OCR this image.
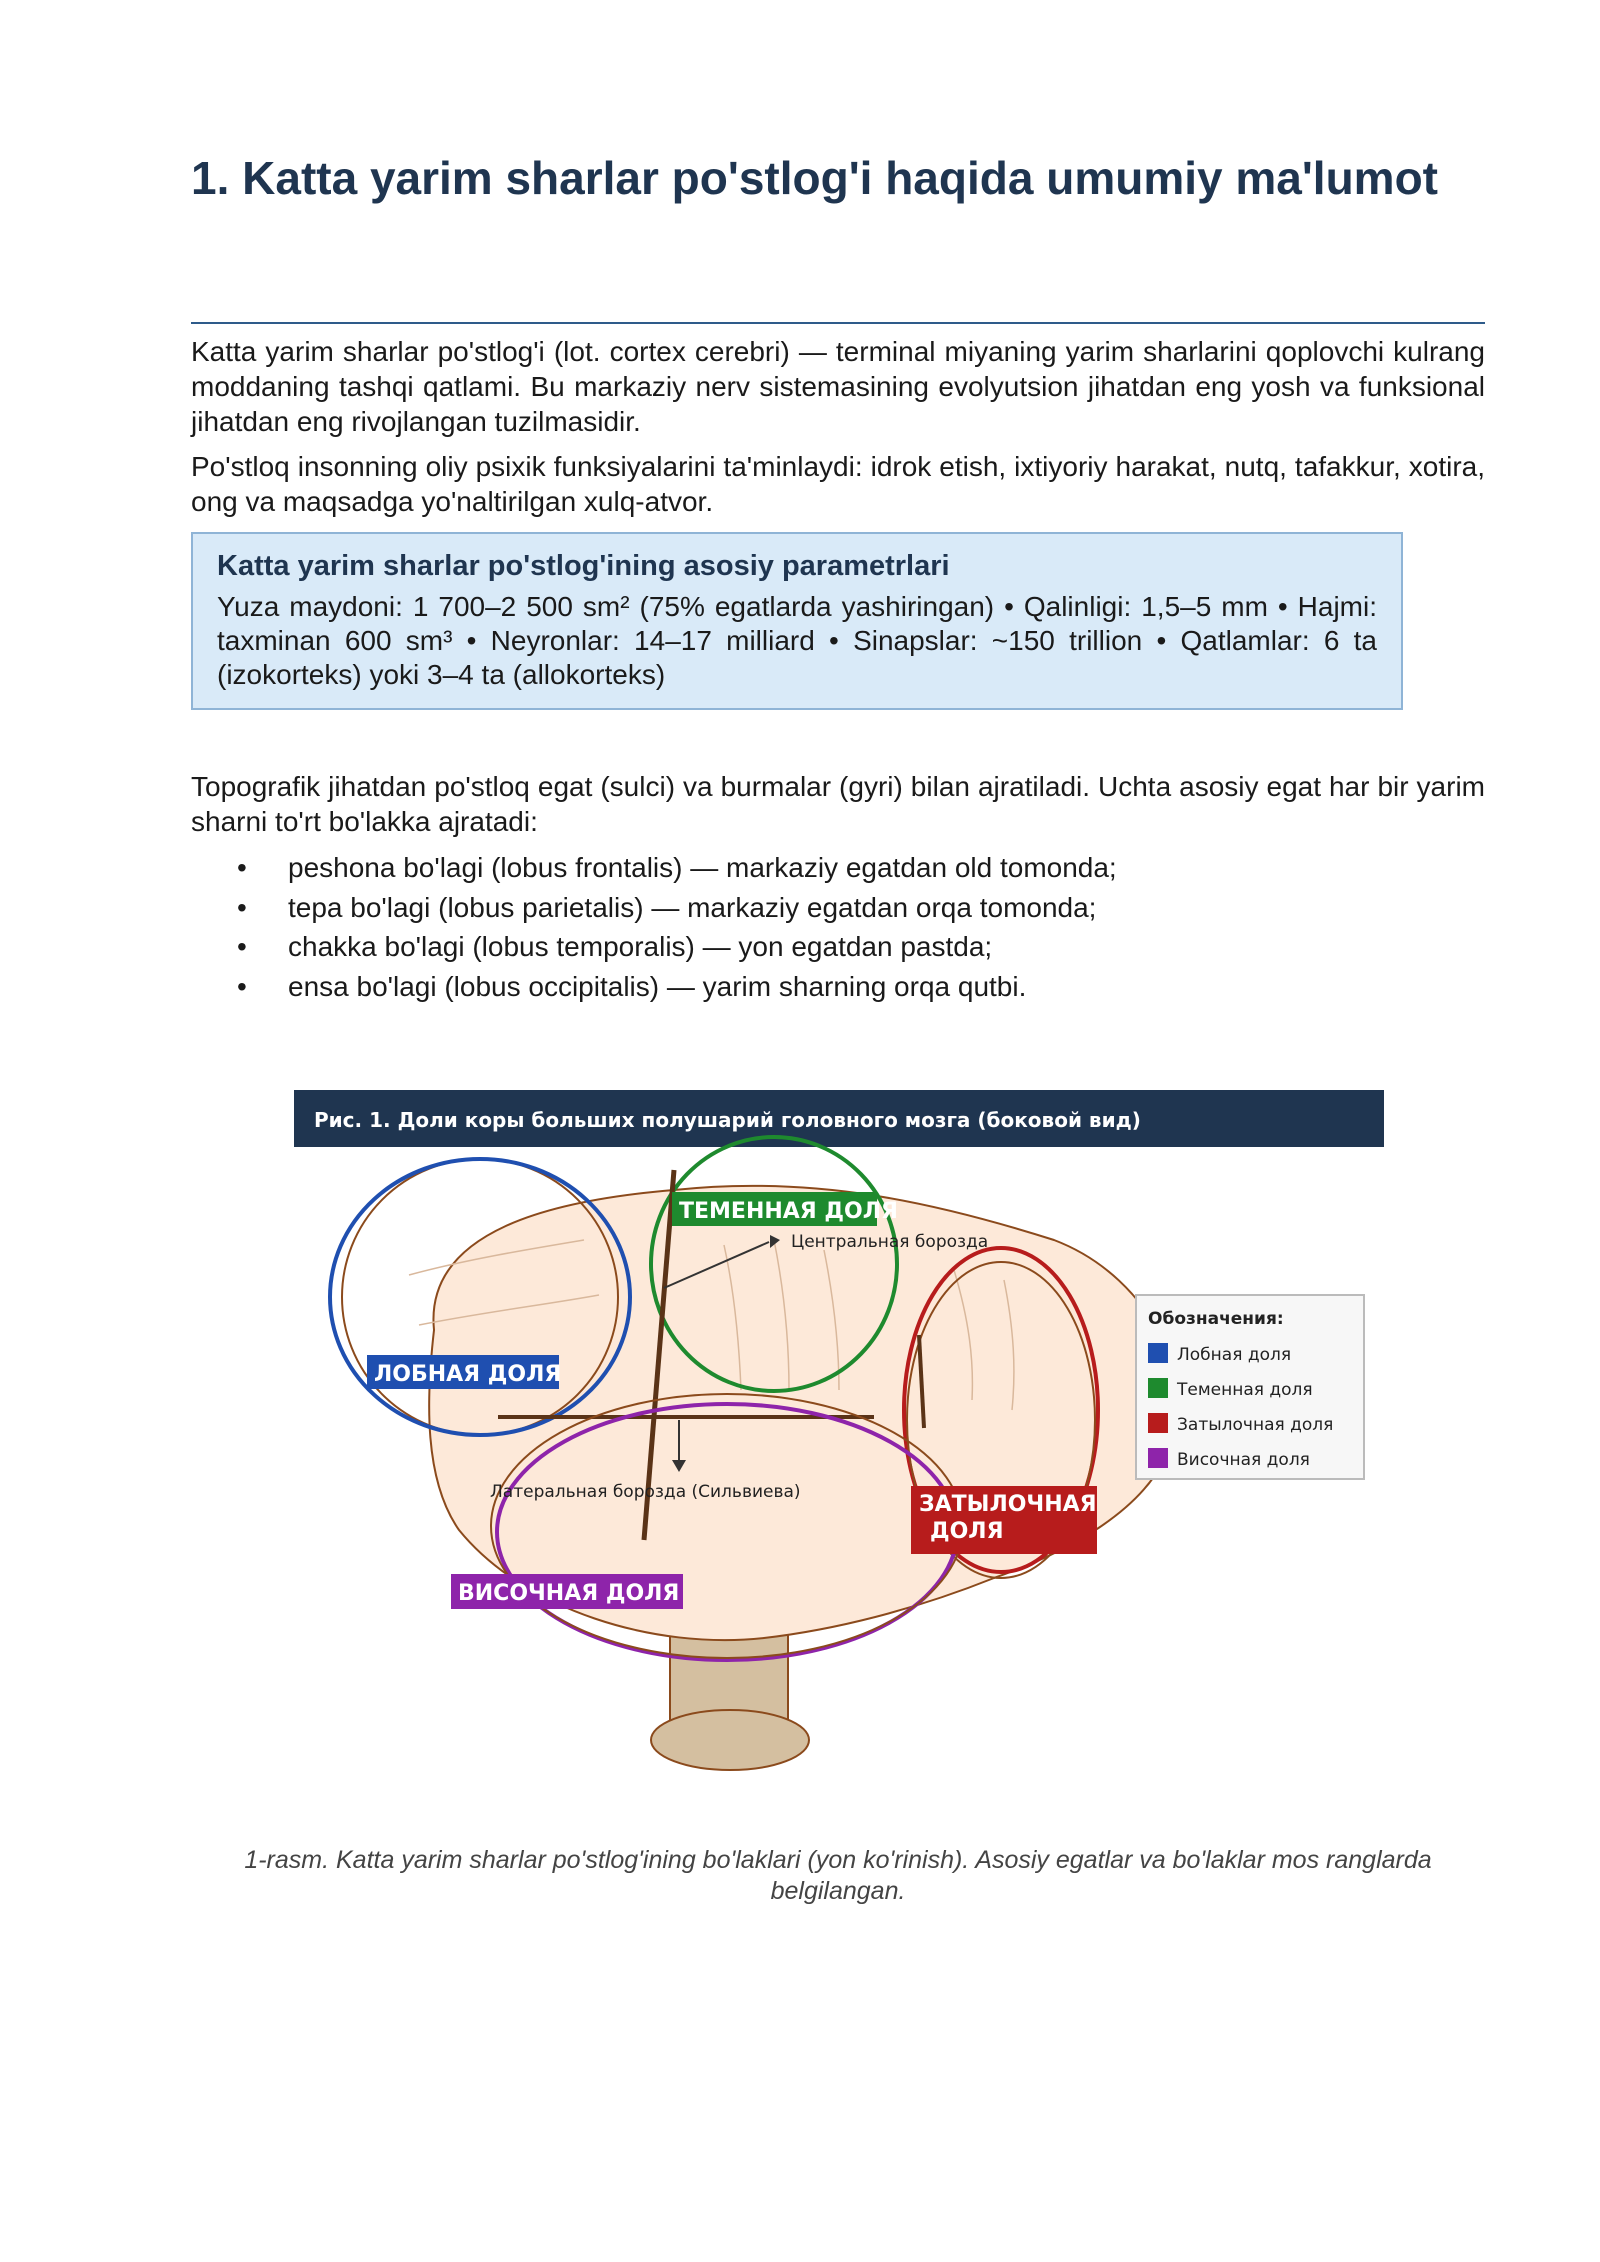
1. Katta yarim sharlar po'stlog'i haqida umumiy ma'lumot

Katta yarim sharlar po'stlog'i (lot. cortex cerebri) — terminal miyaning yarim sharlarini qoplovchi kulrang moddaning tashqi qatlami. Bu markaziy nerv sistemasining evolyutsion jihatdan eng yosh va funksional jihatdan eng rivojlangan tuzilmasidir.

Po'stloq insonning oliy psixik funksiyalarini ta'minlaydi: idrok etish, ixtiyoriy harakat, nutq, tafakkur, xotira, ong va maqsadga yo'naltirilgan xulq-atvor.

Katta yarim sharlar po'stlog'ining asosiy parametrlari

Yuza maydoni: 1 700–2 500 sm² (75% egatlarda yashiringan) • Qalinligi: 1,5–5 mm • Hajmi: taxminan 600 sm³ • Neyronlar: 14–17 milliard • Sinapslar: ~150 trillion • Qatlamlar: 6 ta (izokorteks) yoki 3–4 ta (allokorteks)

Topografik jihatdan po'stloq egat (sulci) va burmalar (gyri) bilan ajratiladi. Uchta asosiy egat har bir yarim sharni to'rt bo'lakka ajratadi:

• peshona bo'lagi (lobus frontalis) — markaziy egatdan old tomonda;
• tepa bo'lagi (lobus parietalis) — markaziy egatdan orqa tomonda;
• chakka bo'lagi (lobus temporalis) — yon egatdan pastda;
• ensa bo'lagi (lobus occipitalis) — yarim sharning orqa qutbi.
Рис. 1. Доли коры больших полушарий головного мозга (боковой вид)
ЛОБНАЯ ДОЛЯ
ТЕМЕННАЯ ДОЛЯ
Центральная борозда
Латеральная борозда (Сильвиева)	ЗАТЫЛОЧНАЯ
ДОЛЯ
ВИСОЧНАЯ ДОЛЯ
Обозначения:
Лобная доля
Теменная доля
Затылочная доля
Височная доля

1-rasm. Katta yarim sharlar po'stlog'ining bo'laklari (yon ko'rinish). Asosiy egatlar va bo'laklar mos ranglarda belgilangan.
